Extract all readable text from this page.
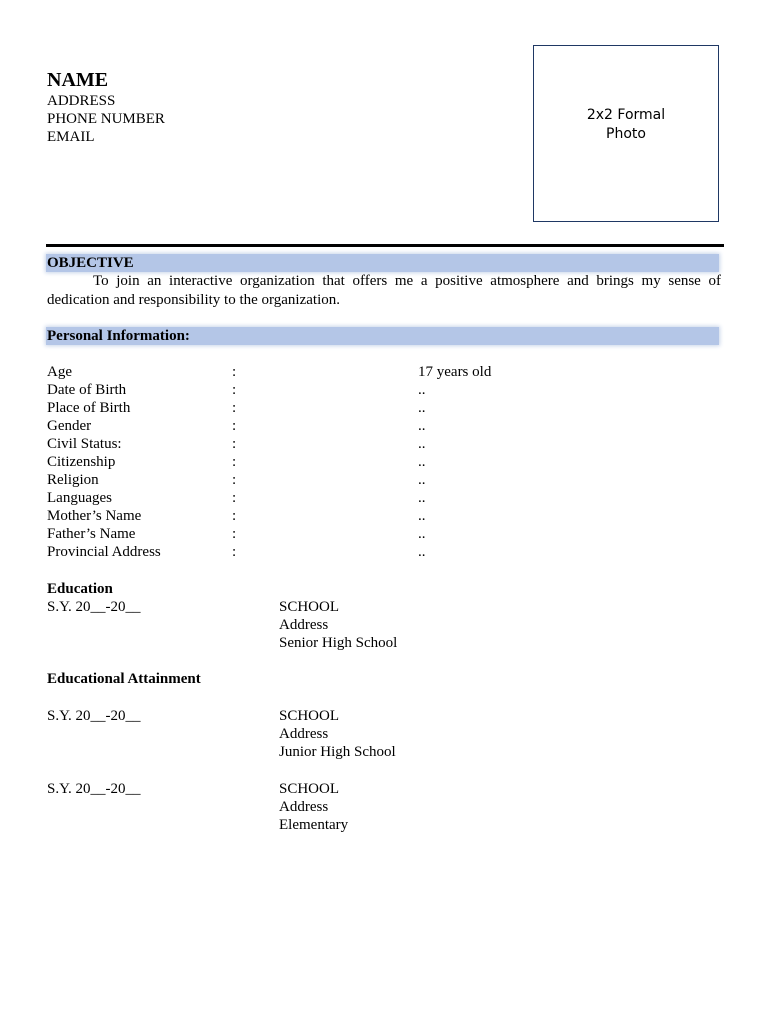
NAME
ADDRESS
PHONE NUMBER
EMAIL
2x2 Formal Photo
OBJECTIVE
To join an interactive organization that offers me a positive atmosphere and brings my sense of dedication and responsibility to the organization.
Personal Information:
Age	:	17 years old
Date of Birth	:	..
Place of Birth	:	..
Gender	:	..
Civil Status:	:	..
Citizenship	:	..
Religion	:	..
Languages	:	..
Mother’s Name	:	..
Father’s Name	:	..
Provincial Address	:	..
Education
S.Y. 20__-20__	SCHOOL
Address
Senior High School
Educational Attainment
S.Y. 20__-20__	SCHOOL
Address
Junior High School
S.Y. 20__-20__	SCHOOL
Address
Elementary
